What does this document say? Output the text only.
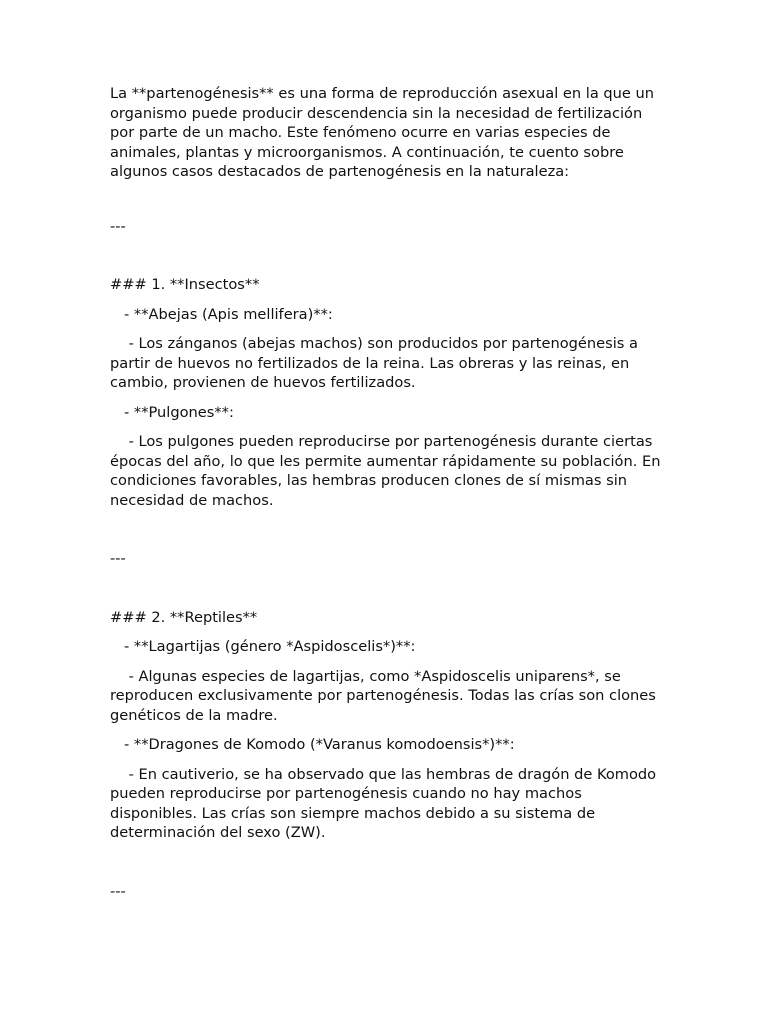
La **partenogénesis** es una forma de reproducción asexual en la que un organismo puede producir descendencia sin la necesidad de fertilización por parte de un macho. Este fenómeno ocurre en varias especies de animales, plantas y microorganismos. A continuación, te cuento sobre algunos casos destacados de partenogénesis en la naturaleza:

---

### 1. **Insectos**

- **Abejas (Apis mellifera)**:

- Los zánganos (abejas machos) son producidos por partenogénesis a partir de huevos no fertilizados de la reina. Las obreras y las reinas, en cambio, provienen de huevos fertilizados.

- **Pulgones**:

- Los pulgones pueden reproducirse por partenogénesis durante ciertas épocas del año, lo que les permite aumentar rápidamente su población. En condiciones favorables, las hembras producen clones de sí mismas sin necesidad de machos.

---

### 2. **Reptiles**

- **Lagartijas (género *Aspidoscelis*)**:

- Algunas especies de lagartijas, como *Aspidoscelis uniparens*, se reproducen exclusivamente por partenogénesis. Todas las crías son clones genéticos de la madre.

- **Dragones de Komodo (*Varanus komodoensis*)**:

- En cautiverio, se ha observado que las hembras de dragón de Komodo pueden reproducirse por partenogénesis cuando no hay machos disponibles. Las crías son siempre machos debido a su sistema de determinación del sexo (ZW).

---
